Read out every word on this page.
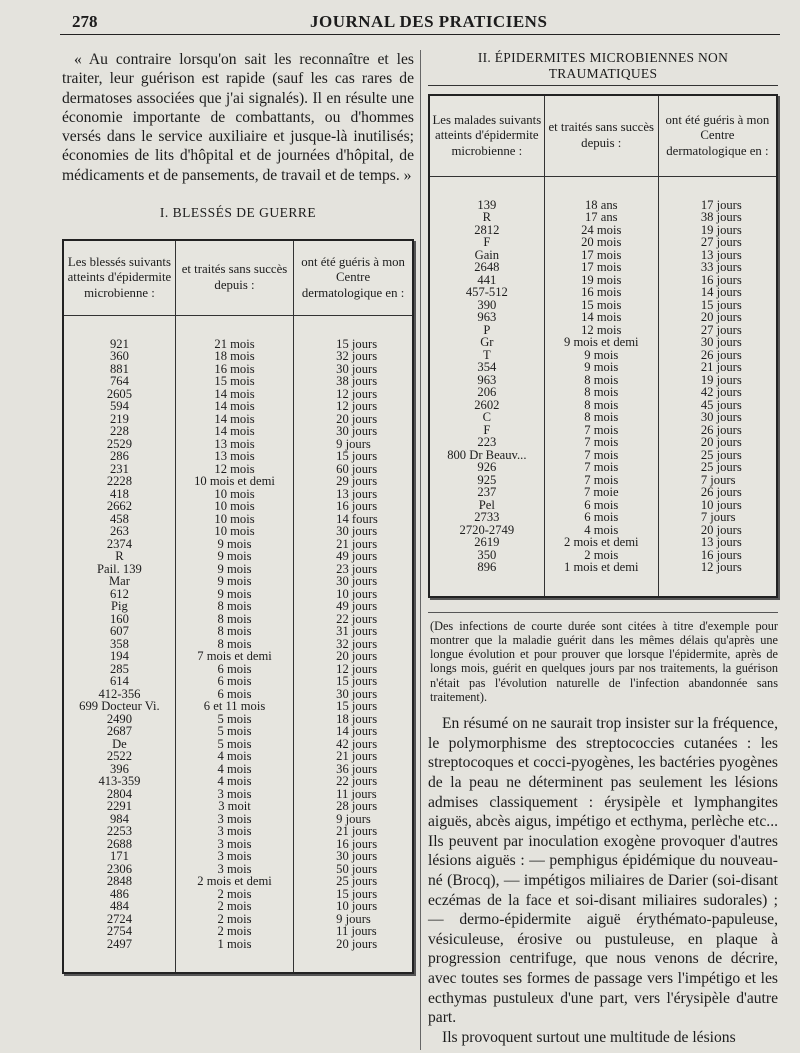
278	JOURNAL DES PRATICIENS

« Au contraire lorsqu'on sait les reconnaître et les traiter, leur guérison est rapide (sauf les cas rares de dermatoses associées que j'ai signalés). Il en résulte une économie importante de combattants, ou d'hommes versés dans le service auxiliaire et jusque-là inutilisés; économies de lits d'hôpital et de journées d'hôpital, de médicaments et de pansements, de travail et de temps. »

I. BLESSÉS DE GUERRE
Les blessés suivants atteints d'épidermite microbienne :	et traités sans succès depuis :	ont été guéris à mon Centre dermatologique en :

921	21 mois	15 jours
360	18 mois	32 jours
881	16 mois	30 jours
764	15 mois	38 jours
2605	14 mois	12 jours
594	14 mois	12 jours
219	14 mois	20 jours
228	14 mois	30 jours
2529	13 mois	9 jours
286	13 mois	15 jours
231	12 mois	60 jours
2228	10 mois et demi	29 jours
418	10 mois	13 jours
2662	10 mois	16 jours
458	10 mois	14 fours
263	10 mois	30 jours
2374	9 mois	21 jours
R	9 mois	49 jours
Pail. 139	9 mois	23 jours
Mar	9 mois	30 jours
612	9 mois	10 jours
Pig	8 mois	49 jours
160	8 mois	22 jours
607	8 mois	31 jours
358	8 mois	32 jours
194	7 mois et demi	20 jours
285	6 mois	12 jours
614	6 mois	15 jours
412-356	6 mois	30 jours
699 Docteur Vi.	6 et 11 mois	15 jours
2490	5 mois	18 jours
2687	5 mois	14 jours
De	5 mois	42 jours
2522	4 mois	21 jours
396	4 mois	36 jours
413-359	4 mois	22 jours
2804	3 mois	11 jours
2291	3 moit	28 jours
984	3 mois	9 jours
2253	3 mois	21 jours
2688	3 mois	16 jours
171	3 mois	30 jours
2306	3 mois	50 jours
2848	2 mois et demi	25 jours
486	2 mois	15 jours
484	2 mois	10 jours
2724	2 mois	9 jours
2754	2 mois	11 jours
2497	1 mois	20 jours

II. ÉPIDERMITES MICROBIENNES NON TRAUMATIQUES
Les malades suivants atteints d'épidermite microbienne :	et traités sans succès depuis :	ont été guéris à mon Centre dermatologique en :

139	18 ans	17 jours
R	17 ans	38 jours
2812	24 mois	19 jours
F	20 mois	27 jours
Gain	17 mois	13 jours
2648	17 mois	33 jours
441	19 mois	16 jours
457-512	16 mois	14 jours
390	15 mois	15 jours
963	14 mois	20 jours
P	12 mois	27 jours
Gr	9 mois et demi	30 jours
T	9 mois	26 jours
354	9 mois	21 jours
963	8 mois	19 jours
206	8 mois	42 jours
2602	8 mois	45 jours
C	8 mois	30 jours
F	7 mois	26 jours
223	7 mois	20 jours
800 Dr Beauv...	7 mois	25 jours
926	7 mois	25 jours
925	7 mois	7 jours
237	7 moie	26 jours
Pel	6 mois	10 jours
2733	6 mois	7 jours
2720-2749	4 mois	20 jours
2619	2 mois et demi	13 jours
350	2 mois	16 jours
896	1 mois et demi	12 jours

(Des infections de courte durée sont citées à titre d'exemple pour montrer que la maladie guérit dans les mêmes délais qu'après une longue évolution et pour prouver que lorsque l'épidermite, après de longs mois, guérit en quelques jours par nos traitements, la guérison n'était pas l'évolution naturelle de l'infection abandonnée sans traitement).

En résumé on ne saurait trop insister sur la fréquence, le polymorphisme des streptococcies cutanées : les streptocoques et cocci-pyogènes, les bactéries pyogènes de la peau ne déterminent pas seulement les lésions admises classiquement : érysipèle et lymphangites aiguës, abcès aigus, impétigo et ecthyma, perlèche etc... Ils peuvent par inoculation exogène provoquer d'autres lésions aiguës : — pemphigus épidémique du nouveau-né (Brocq), — impétigos miliaires de Darier (soi-disant eczémas de la face et soi-disant miliaires sudorales) ; — dermo-épidermite aiguë érythémato-papuleuse, vésiculeuse, érosive ou pustuleuse, en plaque à progression centrifuge, que nous venons de décrire, avec toutes ses formes de passage vers l'impétigo et les ecthymas pustuleux d'une part, vers l'érysipèle d'autre part.

Ils provoquent surtout une multitude de lésions
